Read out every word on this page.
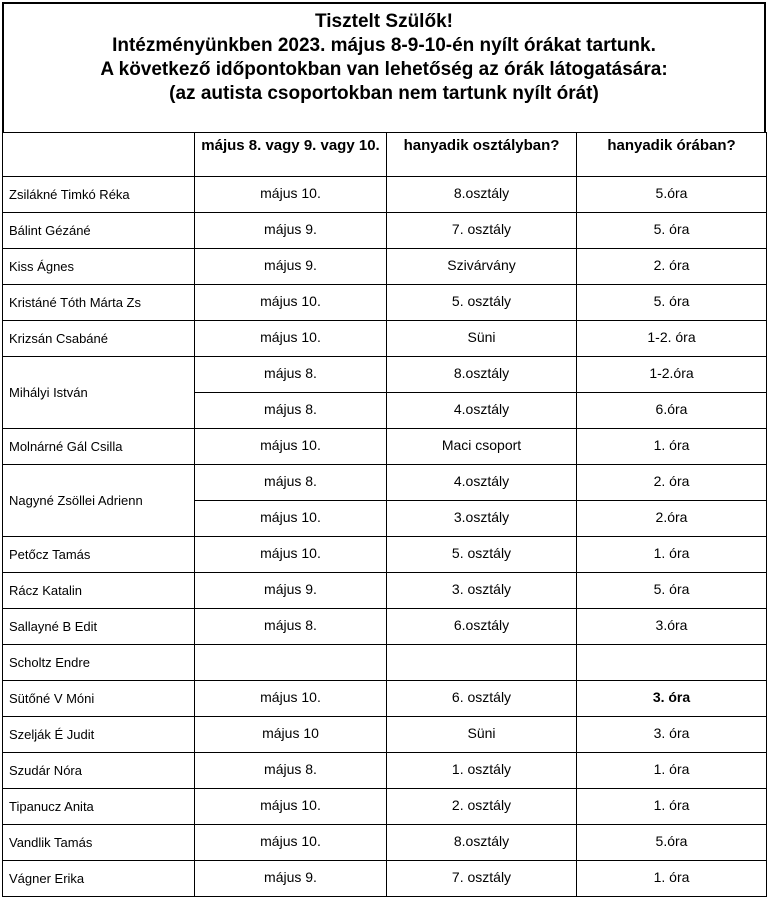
Tisztelt Szülők!
Intézményünkben 2023. május 8-9-10-én nyílt órákat tartunk.
A következő időpontokban van lehetőség az órák látogatására:
(az autista csoportokban nem tartunk nyílt órát)
	május 8. vagy 9. vagy 10.	hanyadik osztályban?	hanyadik órában?
Zsilákné Timkó Réka	május 10.	8.osztály	5.óra
Bálint Gézáné	május 9.	7. osztály	5. óra
Kiss Ágnes	május 9.	Szivárvány	2. óra
Kristáné Tóth Márta Zs	május 10.	5. osztály	5. óra
Krizsán Csabáné	május 10.	Süni	1-2. óra
Mihályi István	május 8.	8.osztály	1-2.óra
	május 8.	4.osztály	6.óra
Molnárné Gál Csilla	május 10.	Maci csoport	1. óra
Nagyné Zsöllei Adrienn	május 8.	4.osztály	2. óra
	május 10.	3.osztály	2.óra
Petőcz Tamás	május 10.	5. osztály	1. óra
Rácz Katalin	május 9.	3. osztály	5. óra
Sallayné B Edit	május 8.	6.osztály	3.óra
Scholtz Endre			
Sütőné V Móni	május 10.	6. osztály	3. óra
Szelják É Judit	május 10	Süni	3. óra
Szudár Nóra	május 8.	1. osztály	1. óra
Tipanucz Anita	május 10.	2. osztály	1. óra
Vandlik Tamás	május 10.	8.osztály	5.óra
Vágner Erika	május 9.	7. osztály	1. óra
